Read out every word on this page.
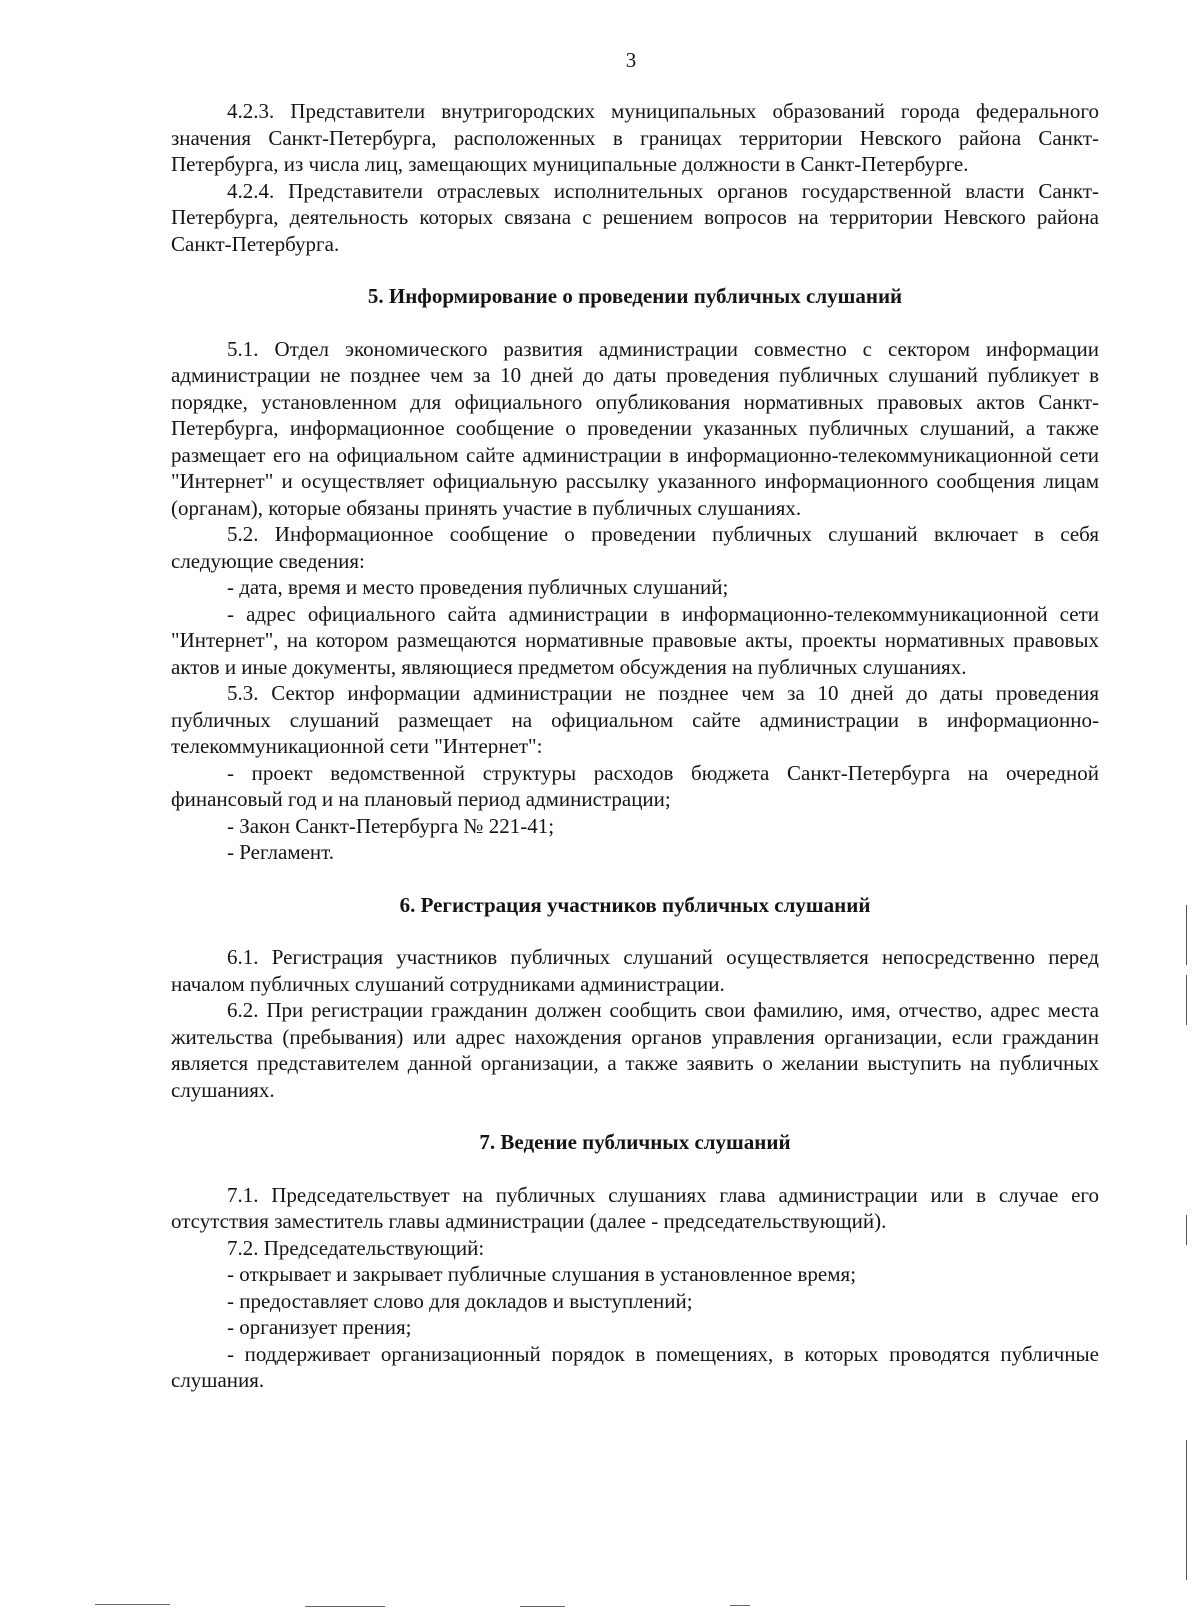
3

4.2.3. Представители внутригородских муниципальных образований города федерального значения Санкт-Петербурга, расположенных в границах территории Невского района Санкт-Петербурга, из числа лиц, замещающих муниципальные должности в Санкт-Петербурге.

4.2.4. Представители отраслевых исполнительных органов государственной власти Санкт-Петербурга, деятельность которых связана с решением вопросов на территории Невского района Санкт-Петербурга.

5. Информирование о проведении публичных слушаний

5.1. Отдел экономического развития администрации совместно с сектором информации администрации не позднее чем за 10 дней до даты проведения публичных слушаний публикует в порядке, установленном для официального опубликования нормативных правовых актов Санкт-Петербурга, информационное сообщение о проведении указанных публичных слушаний, а также размещает его на официальном сайте администрации в информационно-телекоммуникационной сети "Интернет" и осуществляет официальную рассылку указанного информационного сообщения лицам (органам), которые обязаны принять участие в публичных слушаниях.

5.2. Информационное сообщение о проведении публичных слушаний включает в себя следующие сведения:

- дата, время и место проведения публичных слушаний;

- адрес официального сайта администрации в информационно-телекоммуникационной сети "Интернет", на котором размещаются нормативные правовые акты, проекты нормативных правовых актов и иные документы, являющиеся предметом обсуждения на публичных слушаниях.

5.3. Сектор информации администрации не позднее чем за 10 дней до даты проведения публичных слушаний размещает на официальном сайте администрации в информационно-телекоммуникационной сети "Интернет":

- проект ведомственной структуры расходов бюджета Санкт-Петербурга на очередной финансовый год и на плановый период администрации;

- Закон Санкт-Петербурга № 221-41;

- Регламент.

6. Регистрация участников публичных слушаний

6.1. Регистрация участников публичных слушаний осуществляется непосредственно перед началом публичных слушаний сотрудниками администрации.

6.2. При регистрации гражданин должен сообщить свои фамилию, имя, отчество, адрес места жительства (пребывания) или адрес нахождения органов управления организации, если гражданин является представителем данной организации, а также заявить о желании выступить на публичных слушаниях.

7. Ведение публичных слушаний

7.1. Председательствует на публичных слушаниях глава администрации или в случае его отсутствия заместитель главы администрации (далее - председательствующий).

7.2. Председательствующий:

- открывает и закрывает публичные слушания в установленное время;

- предоставляет слово для докладов и выступлений;

- организует прения;

- поддерживает организационный порядок в помещениях, в которых проводятся публичные слушания.
